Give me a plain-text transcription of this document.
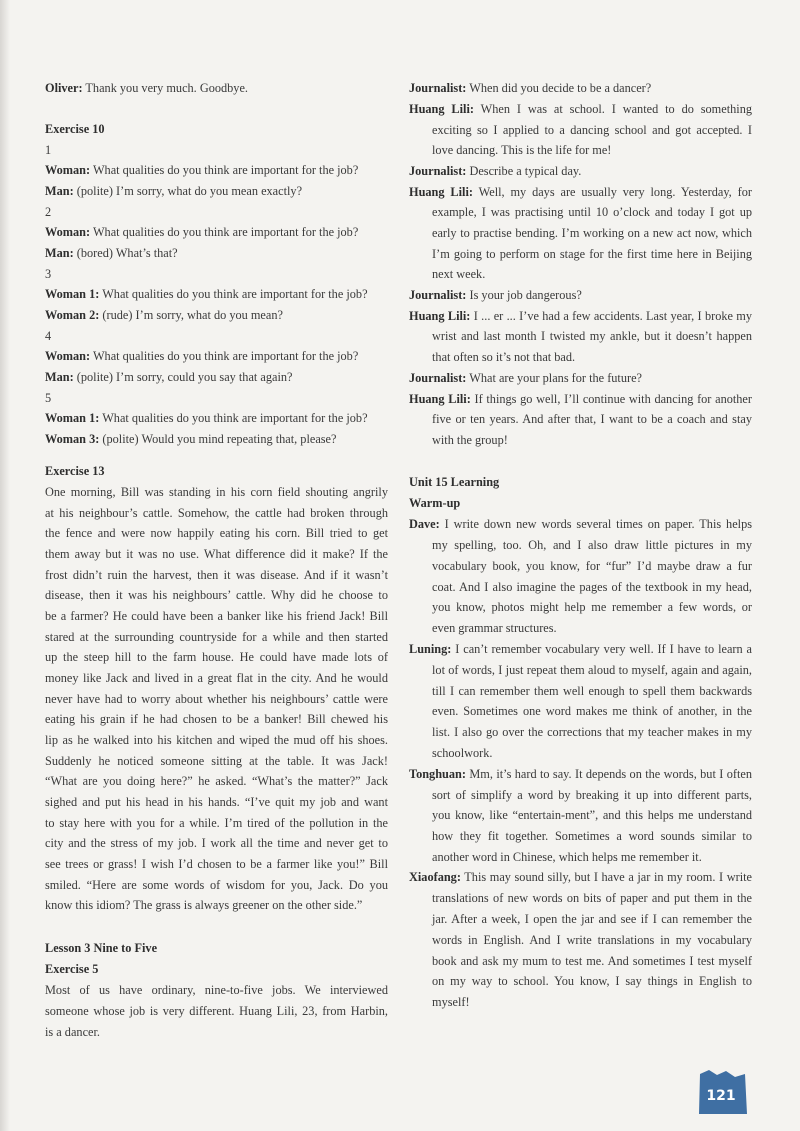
Oliver: Thank you very much. Goodbye.
Exercise 10
1
Woman: What qualities do you think are important for the job?
Man: (polite) I’m sorry, what do you mean exactly?
2
Woman: What qualities do you think are important for the job?
Man: (bored) What’s that?
3
Woman 1: What qualities do you think are important for the job?
Woman 2: (rude) I’m sorry, what do you mean?
4
Woman: What qualities do you think are important for the job?
Man: (polite) I’m sorry, could you say that again?
5
Woman 1: What qualities do you think are important for the job?
Woman 3: (polite) Would you mind repeating that, please?
Exercise 13
One morning, Bill was standing in his corn field shouting angrily
at his neighbour’s cattle. Somehow, the cattle had broken through
the fence and were now happily eating his corn. Bill tried to get
them away but it was no use. What difference did it make? If the
frost didn’t ruin the harvest, then it was disease. And if it wasn’t
disease, then it was his neighbours’ cattle. Why did he choose to
be a farmer? He could have been a banker like his friend Jack! Bill
stared at the surrounding countryside for a while and then started
up the steep hill to the farm house. He could have made lots of
money like Jack and lived in a great flat in the city. And he would
never have had to worry about whether his neighbours’ cattle were
eating his grain if he had chosen to be a banker! Bill chewed his
lip as he walked into his kitchen and wiped the mud off his shoes.
Suddenly he noticed someone sitting at the table. It was Jack!
“What are you doing here?” he asked. “What’s the matter?” Jack
sighed and put his head in his hands. “I’ve quit my job and want
to stay here with you for a while. I’m tired of the pollution in the
city and the stress of my job. I work all the time and never get to
see trees or grass! I wish I’d chosen to be a farmer like you!” Bill
smiled. “Here are some words of wisdom for you, Jack. Do you
know this idiom? The grass is always greener on the other side.”
Lesson 3 Nine to Five
Exercise 5
Most of us have ordinary, nine-to-five jobs. We interviewed
someone whose job is very different. Huang Lili, 23, from Harbin,
is a dancer.
Journalist: When did you decide to be a dancer?
Huang Lili: When I was at school. I wanted to do something
exciting so I applied to a dancing school and got accepted. I
love dancing. This is the life for me!
Journalist: Describe a typical day.
Huang Lili: Well, my days are usually very long. Yesterday, for
example, I was practising until 10 o’clock and today I got up
early to practise bending. I’m working on a new act now, which
I’m going to perform on stage for the first time here in Beijing
next week.
Journalist: Is your job dangerous?
Huang Lili: I ... er ... I’ve had a few accidents. Last year, I broke my
wrist and last month I twisted my ankle, but it doesn’t happen
that often so it’s not that bad.
Journalist: What are your plans for the future?
Huang Lili: If things go well, I’ll continue with dancing for another
five or ten years. And after that, I want to be a coach and stay
with the group!
Unit 15 Learning
Warm-up
Dave: I write down new words several times on paper. This helps
my spelling, too. Oh, and I also draw little pictures in my
vocabulary book, you know, for “fur” I’d maybe draw a fur
coat. And I also imagine the pages of the textbook in my head,
you know, photos might help me remember a few words, or
even grammar structures.
Luning: I can’t remember vocabulary very well. If I have to learn a
lot of words, I just repeat them aloud to myself, again and again,
till I can remember them well enough to spell them backwards
even. Sometimes one word makes me think of another, in the
list. I also go over the corrections that my teacher makes in my
schoolwork.
Tonghuan: Mm, it’s hard to say. It depends on the words, but I often
sort of simplify a word by breaking it up into different parts,
you know, like “entertain-ment”, and this helps me understand
how they fit together. Sometimes a word sounds similar to
another word in Chinese, which helps me remember it.
Xiaofang: This may sound silly, but I have a jar in my room. I write
translations of new words on bits of paper and put them in the
jar. After a week, I open the jar and see if I can remember the
words in English. And I write translations in my vocabulary
book and ask my mum to test me. And sometimes I test myself
on my way to school. You know, I say things in English to
myself!
121
